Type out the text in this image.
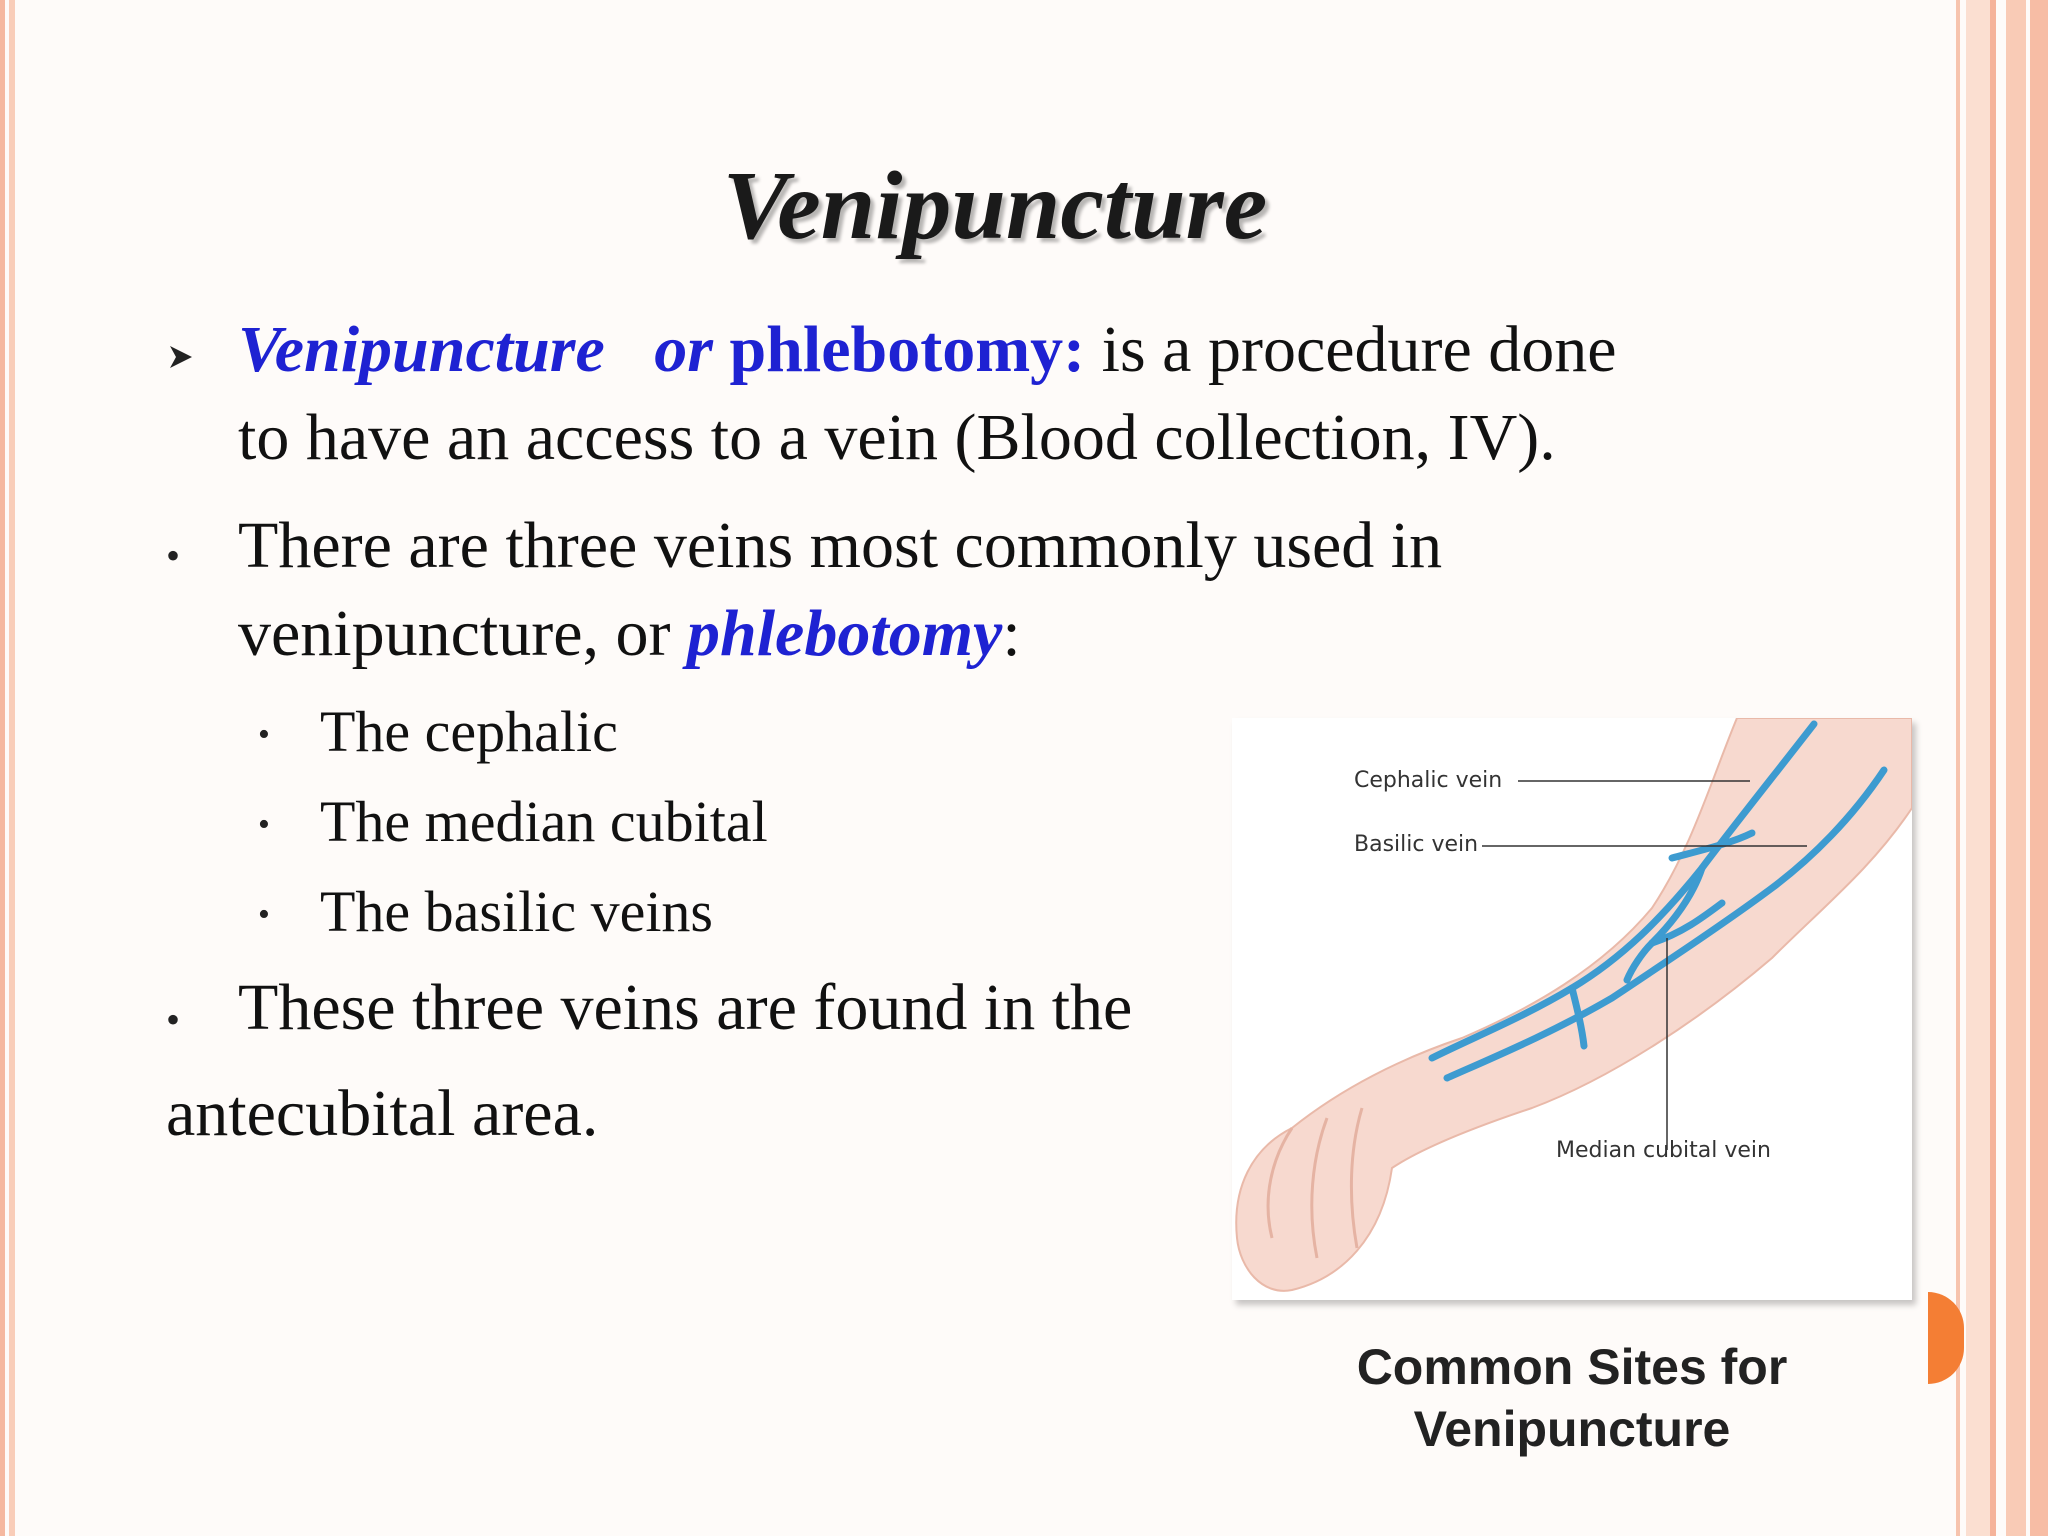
Venipuncture
Venipuncture or phlebotomy: is a procedure done
to have an access to a vein (Blood collection, IV).
• There are three veins most commonly used in
venipuncture, or phlebotomy:
• The cephalic
• The median cubital
• The basilic veins
• These three veins are found in the
antecubital area.
Cephalic vein
Basilic vein
Median cubital vein
Common Sites for
Venipuncture
